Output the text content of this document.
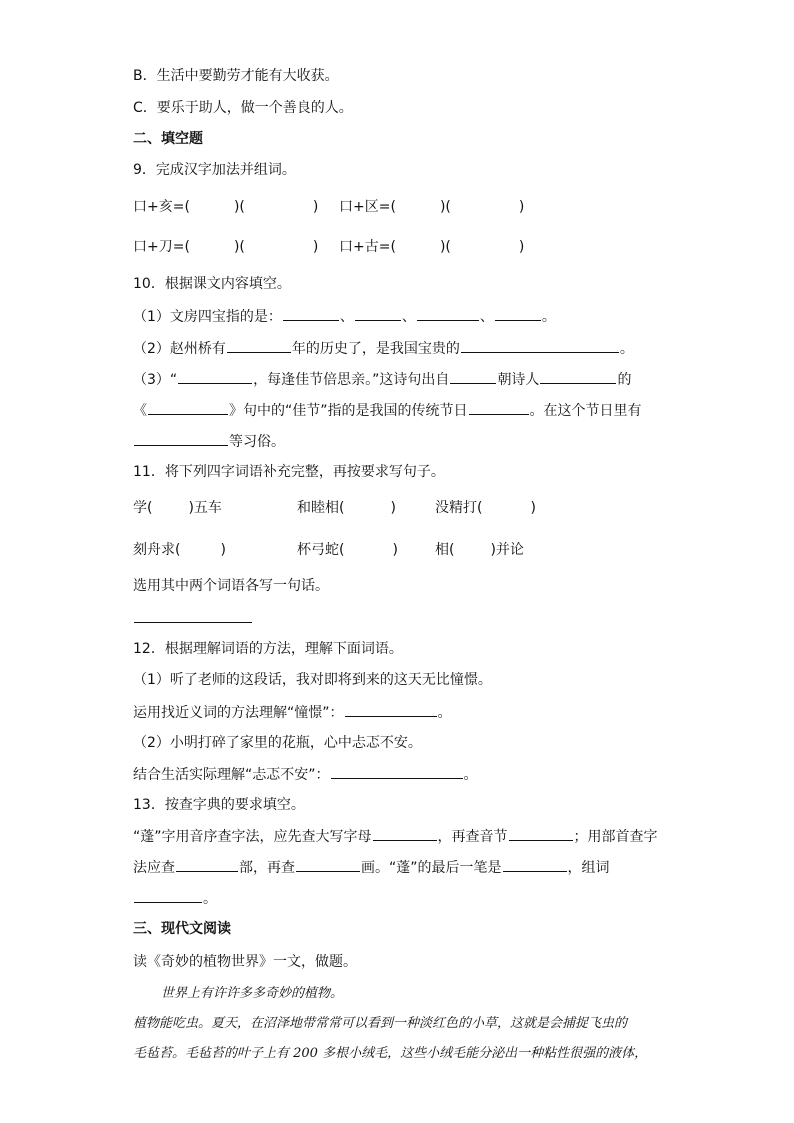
B．生活中要勤劳才能有大收获。
C．要乐于助人，做一个善良的人。
二、填空题
9．完成汉字加法并组词。
口+亥=(	)(	) 口+区=(	)(	)
口+刀=(	)(	) 口+古=(	)(	)
10．根据课文内容填空。
（1）文房四宝指的是：	、	、	、	。
（2）赵州桥有	年的历史了，是我国宝贵的	。
（3）“	，每逢佳节倍思亲。”这诗句出自	朝诗人	的
《	》句中的“佳节”指的是我国的传统节日	。在这个节日里有
等习俗。
11．将下列四字词语补充完整，再按要求写句子。
学(	)五车	和睦相(	)	没精打(	)
刻舟求(	)	杯弓蛇(	)	相(	)并论
选用其中两个词语各写一句话。
12．根据理解词语的方法，理解下面词语。
（1）听了老师的这段话，我对即将到来的这天无比憧憬。
运用找近义词的方法理解“憧憬”：	。
（2）小明打碎了家里的花瓶，心中忐忑不安。
结合生活实际理解“忐忑不安”：	。
13．按查字典的要求填空。
“蓬”字用音序查字法，应先查大写字母	，再查音节	；用部首查字
法应查	部，再查	画。“蓬”的最后一笔是	，组词
。
三、现代文阅读
读《奇妙的植物世界》一文，做题。
世界上有许许多多奇妙的植物。
植物能吃虫。夏天，在沼泽地带常常可以看到一种淡红色的小草，这就是会捕捉飞虫的
毛毡苔。毛毡苔的叶子上有 200 多根小绒毛，这些小绒毛能分泌出一种粘性很强的液体，
